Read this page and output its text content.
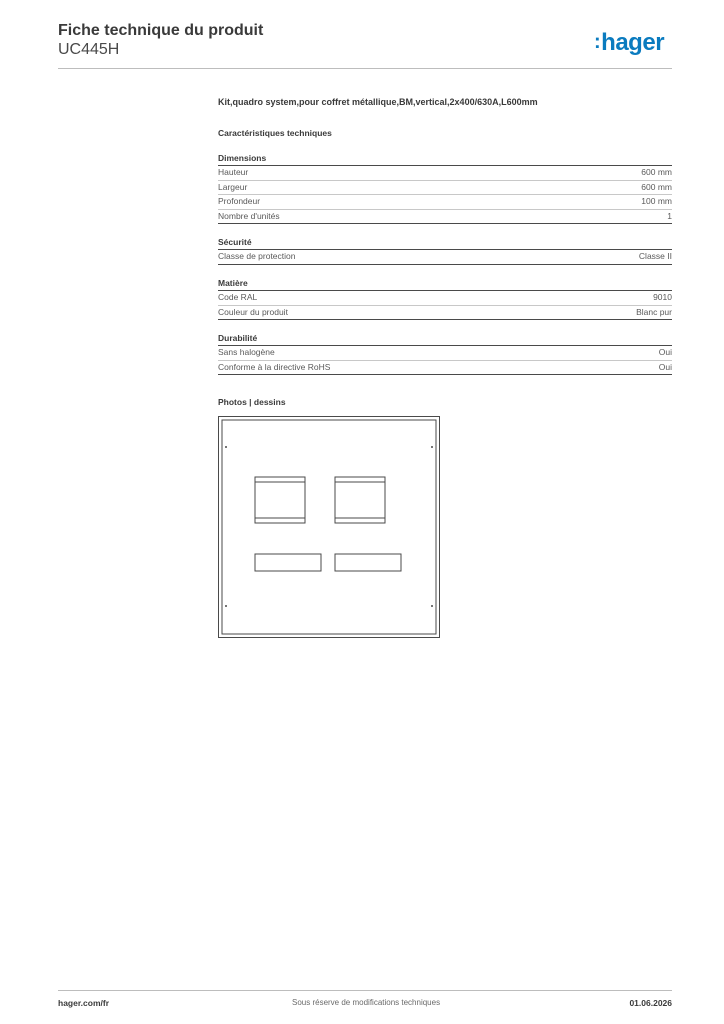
Fiche technique du produit
UC445H	:hager
Kit,quadro system,pour coffret métallique,BM,vertical,2x400/630A,L600mm
Caractéristiques techniques
Dimensions
Hauteur	600 mm
Largeur	600 mm
Profondeur	100 mm
Nombre d'unités	1
Sécurité
Classe de protection	Classe II
Matière
Code RAL	9010
Couleur du produit	Blanc pur
Durabilité
Sans halogène	Oui
Conforme à la directive RoHS	Oui
Photos | dessins
hager.com/fr	Sous réserve de modifications techniques	01.06.2026
